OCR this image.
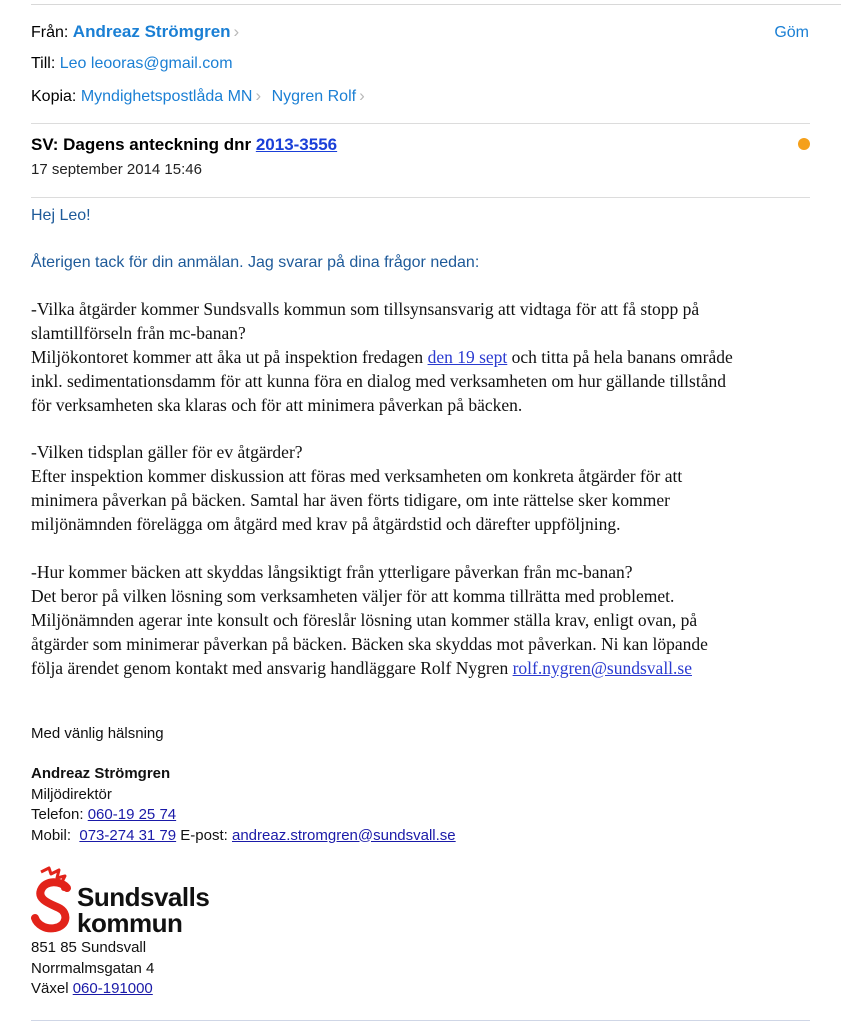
Från: Andreaz Strömgren ›	Göm
Till: Leo leooras@gmail.com
Kopia: Myndighetspostlåda MN › Nygren Rolf ›
SV: Dagens anteckning dnr 2013-3556
17 september 2014 15:46
Hej Leo!
Återigen tack för din anmälan. Jag svarar på dina frågor nedan:
-Vilka åtgärder kommer Sundsvalls kommun som tillsynsansvarig att vidtaga för att få stopp på
slamtillförseln från mc-banan?
Miljökontoret kommer att åka ut på inspektion fredagen den 19 sept och titta på hela banans område
inkl. sedimentationsdamm för att kunna föra en dialog med verksamheten om hur gällande tillstånd
för verksamheten ska klaras och för att minimera påverkan på bäcken.
-Vilken tidsplan gäller för ev åtgärder?
Efter inspektion kommer diskussion att föras med verksamheten om konkreta åtgärder för att
minimera påverkan på bäcken. Samtal har även förts tidigare, om inte rättelse sker kommer
miljönämnden förelägga om åtgärd med krav på åtgärdstid och därefter uppföljning.
-Hur kommer bäcken att skyddas långsiktigt från ytterligare påverkan från mc-banan?
Det beror på vilken lösning som verksamheten väljer för att komma tillrätta med problemet.
Miljönämnden agerar inte konsult och föreslår lösning utan kommer ställa krav, enligt ovan, på
åtgärder som minimerar påverkan på bäcken. Bäcken ska skyddas mot påverkan. Ni kan löpande
följa ärendet genom kontakt med ansvarig handläggare Rolf Nygren rolf.nygren@sundsvall.se
Med vänlig hälsning
Andreaz Strömgren
Miljödirektör
Telefon: 060-19 25 74
Mobil:  073-274 31 79 E-post: andreaz.stromgren@sundsvall.se
Sundsvalls
kommun
851 85 Sundsvall
Norrmalmsgatan 4
Växel 060-191000
